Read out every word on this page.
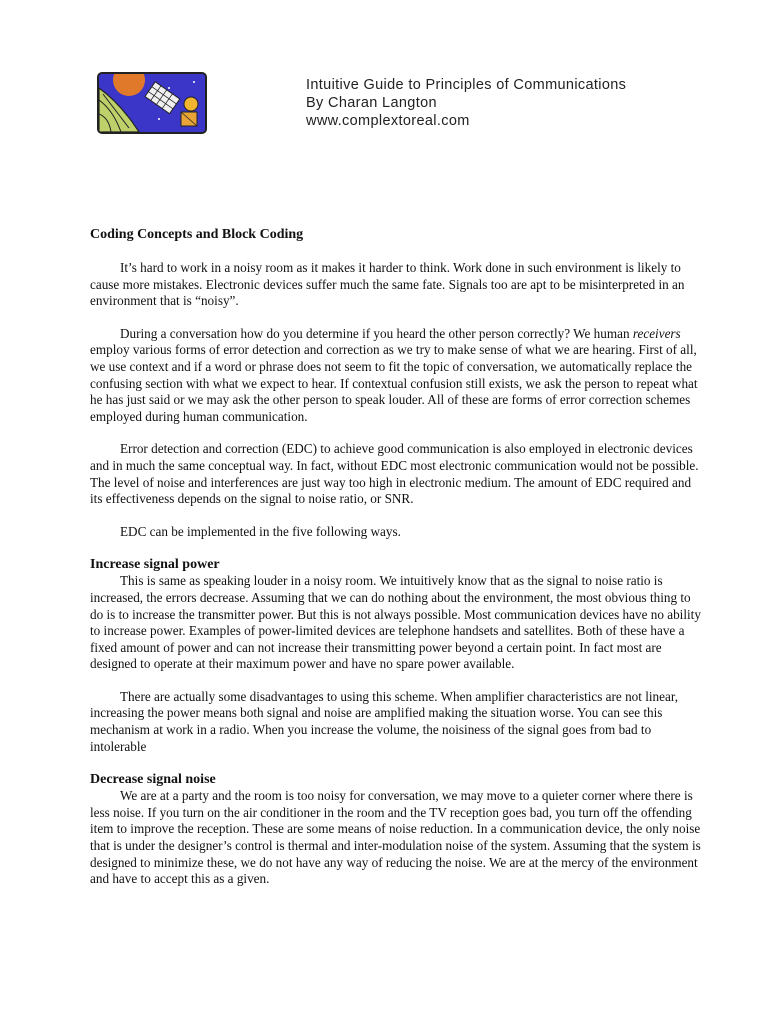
Intuitive Guide to Principles of Communications
By Charan Langton
www.complextoreal.com
Coding Concepts and Block Coding

It’s hard to work in a noisy room as it makes it harder to think. Work done in such environment is likely to cause more mistakes. Electronic devices suffer much the same fate. Signals too are apt to be misinterpreted in an environment that is “noisy”.

During a conversation how do you determine if you heard the other person correctly? We human receivers employ various forms of error detection and correction as we try to make sense of what we are hearing. First of all, we use context and if a word or phrase does not seem to fit the topic of conversation, we automatically replace the confusing section with what we expect to hear. If contextual confusion still exists, we ask the person to repeat what he has just said or we may ask the other person to speak louder. All of these are forms of error correction schemes employed during human communication.

Error detection and correction (EDC) to achieve good communication is also employed in electronic devices and in much the same conceptual way. In fact, without EDC most electronic communication would not be possible. The level of noise and interferences are just way too high in electronic medium. The amount of EDC required and its effectiveness depends on the signal to noise ratio, or SNR.

EDC can be implemented in the five following ways.

Increase signal power

This is same as speaking louder in a noisy room. We intuitively know that as the signal to noise ratio is increased, the errors decrease. Assuming that we can do nothing about the environment, the most obvious thing to do is to increase the transmitter power. But this is not always possible. Most communication devices have no ability to increase power. Examples of power-limited devices are telephone handsets and satellites. Both of these have a fixed amount of power and can not increase their transmitting power beyond a certain point. In fact most are designed to operate at their maximum power and have no spare power available.

There are actually some disadvantages to using this scheme. When amplifier characteristics are not linear, increasing the power means both signal and noise are amplified making the situation worse. You can see this mechanism at work in a radio. When you increase the volume, the noisiness of the signal goes from bad to intolerable

Decrease signal noise

We are at a party and the room is too noisy for conversation, we may move to a quieter corner where there is less noise. If you turn on the air conditioner in the room and the TV reception goes bad, you turn off the offending item to improve the reception. These are some means of noise reduction. In a communication device, the only noise that is under the designer’s control is thermal and inter-modulation noise of the system. Assuming that the system is designed to minimize these, we do not have any way of reducing the noise. We are at the mercy of the environment and have to accept this as a given.
